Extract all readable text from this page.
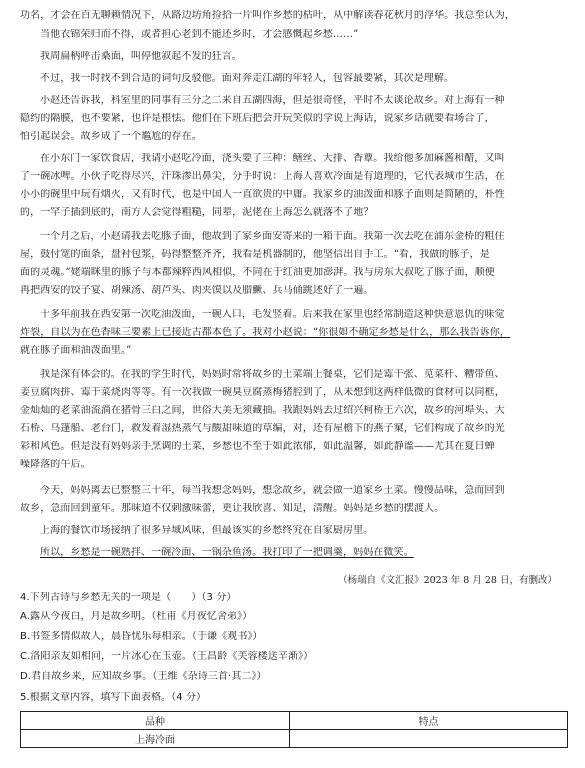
功名，才会在百无聊赖情况下，从路边坊角捡拾一片叫作乡愁的枯叶，从中解读春花秋月的浮华。我总至认为，
当他衣锦荣归而不得，或者担心老到不能还乡时，才会感慨起乡愁……”
我周扁柄呼击桑面，叫停他叙起不发的狂言。
不过，我一时找不到合适的词句反驳他。面对奔走江湖的年轻人，包容最要紧，其次是理解。
小赵还告诉我，科室里的同事有三分之二来自五湖四海，但是很奇怪，平时不太谈论故乡。对上海有一种
隐约的隔膜，也不要紧，也许是根怯。他们在下班后把会开玩笑似的学说上海话，说家乡话就要看场合了，
怕引起误会。故乡成了一个尴尬的存在。
在小东门一家饮食店，我请小赵吃冷面，浇头要了三种：鳝丝、大排、香蕈。我给他多加麻酱和醋，又叫
了一碗冰啤。小伙子吃得尽兴，汗珠渗出鼻尖，分手时说：上海人喜欢冷面是有道理的，它代表城市生活，在
小小的碗里中玩有烟火，又有时代，也是中国人一直欲贵的中庸。我家乡的油泼面和豚子面则是简陋的，朴性
的，一罕子插到底的，南方人会觉得粗糙，同辈，泥佬在上海怎么就落不了地？
一个月之后，小赵请我去吃豚子面，他故到了家乡面安寄来的一箱干面。我第一次去吃在浦东金桥的粗住
屋，鼓付宽的面条，盘衬包浆，码得整整齐齐，我看是机器制的，他坚信出自手工。“看，我做的豚子，是
面的灵魂。”姥端眯里的豚子与本都辣粹西风相似，不同在于红油更加澎湃。我与房东大叔吃了豚子面，顺便
再把西安的饺子宴、胡辣汤、葫芦头、肉夹馍以及腊鱖、兵马俑跳述好了一遍。
十多年前我在西安第一次吃油泼面，一碗入口，毛发竖着。后来我在家里也经常制造这种快意恩仇的味觉
炸裂，自以为在色香味三要素上已接近古都本色了。我对小赵说：“你很如不确定乡愁是什么，那么我告诉你，
就在豚子面和油泼面里。”
我是深有体会的。在我的学生时代，妈妈时常将故乡的土菜端上餐桌，它们是霉干张、苋菜杆、糟带鱼、
姜豆腐肉拼、霉干菜烧肉等等。有一次我做一碗臭豆腐蒸梅猪腔到了，从未想到这两样低微的食材可以同框，
金灿灿的老菜油流淌在猪骨三白之间，世俗大美无须藏抽。我跟妈妈去过绍兴柯桥王六次，故乡的河埠头、大
石桥、乌篷船、老台门，救发着湿热蒸气与酸甜味道的草编，对，还有屋檐下的燕子窠，它们构成了故乡的光
彩和风色。但是没有妈妈亲手烹调的土菜，乡愁也不至于如此浓郁，如此温馨，如此静谧——尤其在夏日蝉
噪降落的午后。
今天，妈妈离去已整整三十年，每当我想念妈妈，想念故乡，就会做一道家乡土菜。慢慢品味，急而回到
故乡，急而回到童年。那味道不仅刺激味蕾，更让我欣喜、知足，清醒。妈妈是乡愁的摆渡人。
上海的餐饮市场接纳了很多异域风味，但最该实的乡愁终究在自家厨房里。
所以，乡愁是一碗熟拌、一碗冷面、一锅杂鱼汤。我打印了一把调羹，妈妈在微笑。
（杨瑞自《文汇报》2023 年 8 月 28 日，有删改）
4.下列古诗与乡愁无关的一项是（　　）（3 分）
A.露从今夜白，月是故乡明。（杜甫《月夜忆舍弟》）
B.书签多情似故人，晨昏忧乐每相亲。（于谦《观书》）
C.洛阳亲友如相问，一片冰心在玉壶。（王昌龄《芙蓉楼送辛渐》）
D.君自故乡来，应知故乡事。（王维《杂诗三首·其二》）
5.根据文章内容，填写下面表格。（4 分）
品种	特点
上海冷面	
